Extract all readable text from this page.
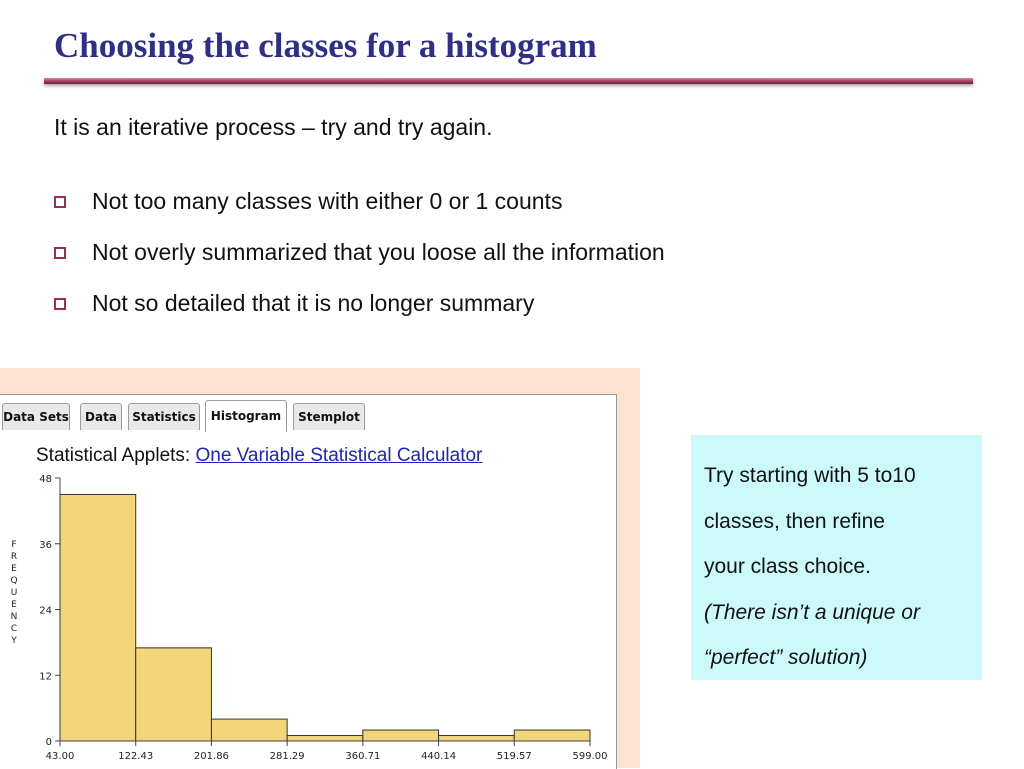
Choosing the classes for a histogram

It is an iterative process – try and try again.

Not too many classes with either 0 or 1 counts
Not overly summarized that you loose all the information
Not so detailed that it is no longer summary
Data Sets	Data	Statistics	Histogram	Stemplot
Statistical Applets: One Variable Statistical Calculator
0
12
24
36
48
43.00	122.43	201.86	281.29	360.71	440.14	519.57	599.00
F
R
E
Q
U
E
N
C
Y

Try starting with 5 to10
classes, then refine
your class choice.
(There isn’t a unique or
“perfect” solution)
